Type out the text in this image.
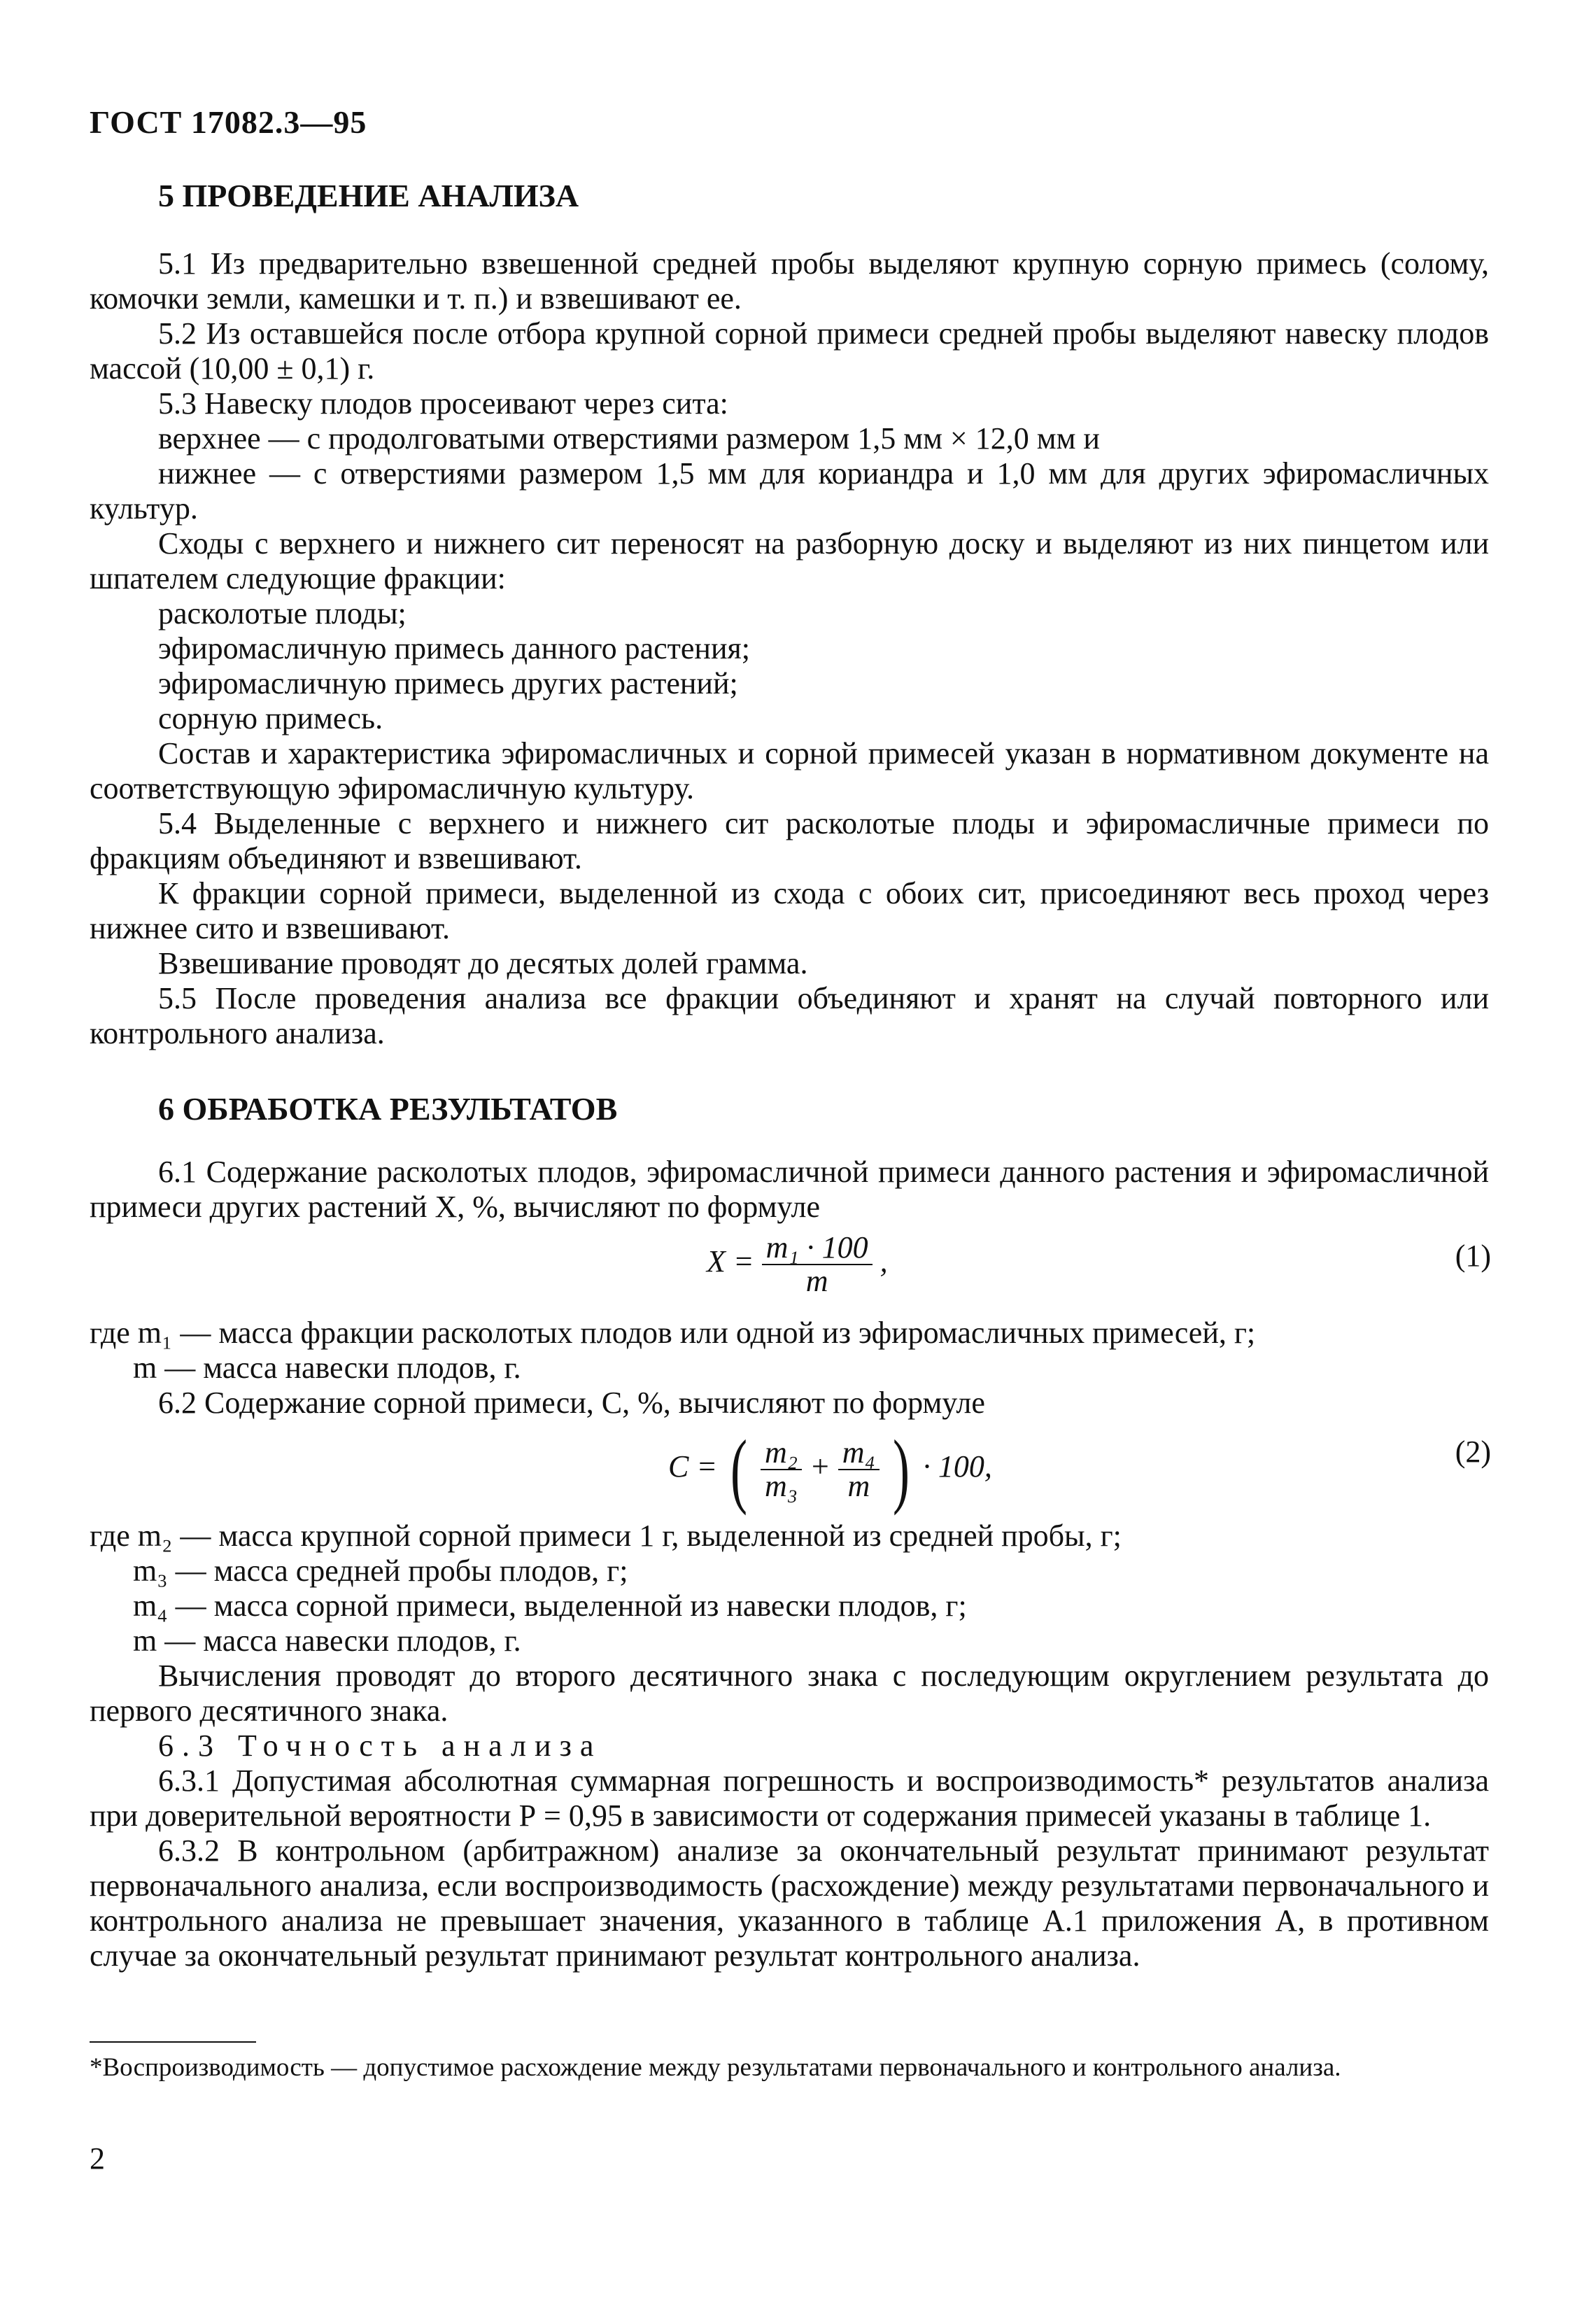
ГОСТ 17082.3—95
5 ПРОВЕДЕНИЕ АНАЛИЗА

5.1 Из предварительно взвешенной средней пробы выделяют крупную сорную примесь (солому, комочки земли, камешки и т. п.) и взвешивают ее.

5.2 Из оставшейся после отбора крупной сорной примеси средней пробы выделяют навеску плодов массой (10,00 ± 0,1) г.

5.3 Навеску плодов просеивают через сита:

верхнее — с продолговатыми отверстиями размером 1,5 мм × 12,0 мм и

нижнее — с отверстиями размером 1,5 мм для кориандра и 1,0 мм для других эфиромасличных культур.

Сходы с верхнего и нижнего сит переносят на разборную доску и выделяют из них пинцетом или шпателем следующие фракции:

расколотые плоды;

эфиромасличную примесь данного растения;

эфиромасличную примесь других растений;

сорную примесь.

Состав и характеристика эфиромасличных и сорной примесей указан в нормативном документе на соответствующую эфиромасличную культуру.

5.4 Выделенные с верхнего и нижнего сит расколотые плоды и эфиромасличные примеси по фракциям объединяют и взвешивают.

К фракции сорной примеси, выделенной из схода с обоих сит, присоединяют весь проход через нижнее сито и взвешивают.

Взвешивание проводят до десятых долей грамма.

5.5 После проведения анализа все фракции объединяют и хранят на случай повторного или контрольного анализа.

6 ОБРАБОТКА РЕЗУЛЬТАТОВ

6.1 Содержание расколотых плодов, эфиромасличной примеси данного растения и эфиромасличной примеси других растений X, %, вычисляют по формуле

$X = \frac{\text{m₁ · 100}}{m}$ ,	(1)

где m₁ — масса фракции расколотых плодов или одной из эфиромасличных примесей, г;

m — масса навески плодов, г.

6.2 Содержание сорной примеси, С, %, вычисляют по формуле

С = ( $\frac{\text{m₂}}{\text{m₃}} + \frac{\text{m₄}}{m}$ ) · 100,	(2)

где m₂ — масса крупной сорной примеси 1 г, выделенной из средней пробы, г;

m₃ — масса средней пробы плодов, г;

m₄ — масса сорной примеси, выделенной из навески плодов, г;

m — масса навески плодов, г.

Вычисления проводят до второго десятичного знака с последующим округлением результата до первого десятичного знака.

6.3 Точность анализа

6.3.1 Допустимая абсолютная суммарная погрешность и воспроизводимость* результатов анализа при доверительной вероятности Р = 0,95 в зависимости от содержания примесей указаны в таблице 1.

6.3.2 В контрольном (арбитражном) анализе за окончательный результат принимают результат первоначального анализа, если воспроизводимость (расхождение) между результатами первоначального и контрольного анализа не превышает значения, указанного в таблице А.1 приложения А, в противном случае за окончательный результат принимают результат контрольного анализа.

*Воспроизводимость — допустимое расхождение между результатами первоначального и контрольного анализа.
2
